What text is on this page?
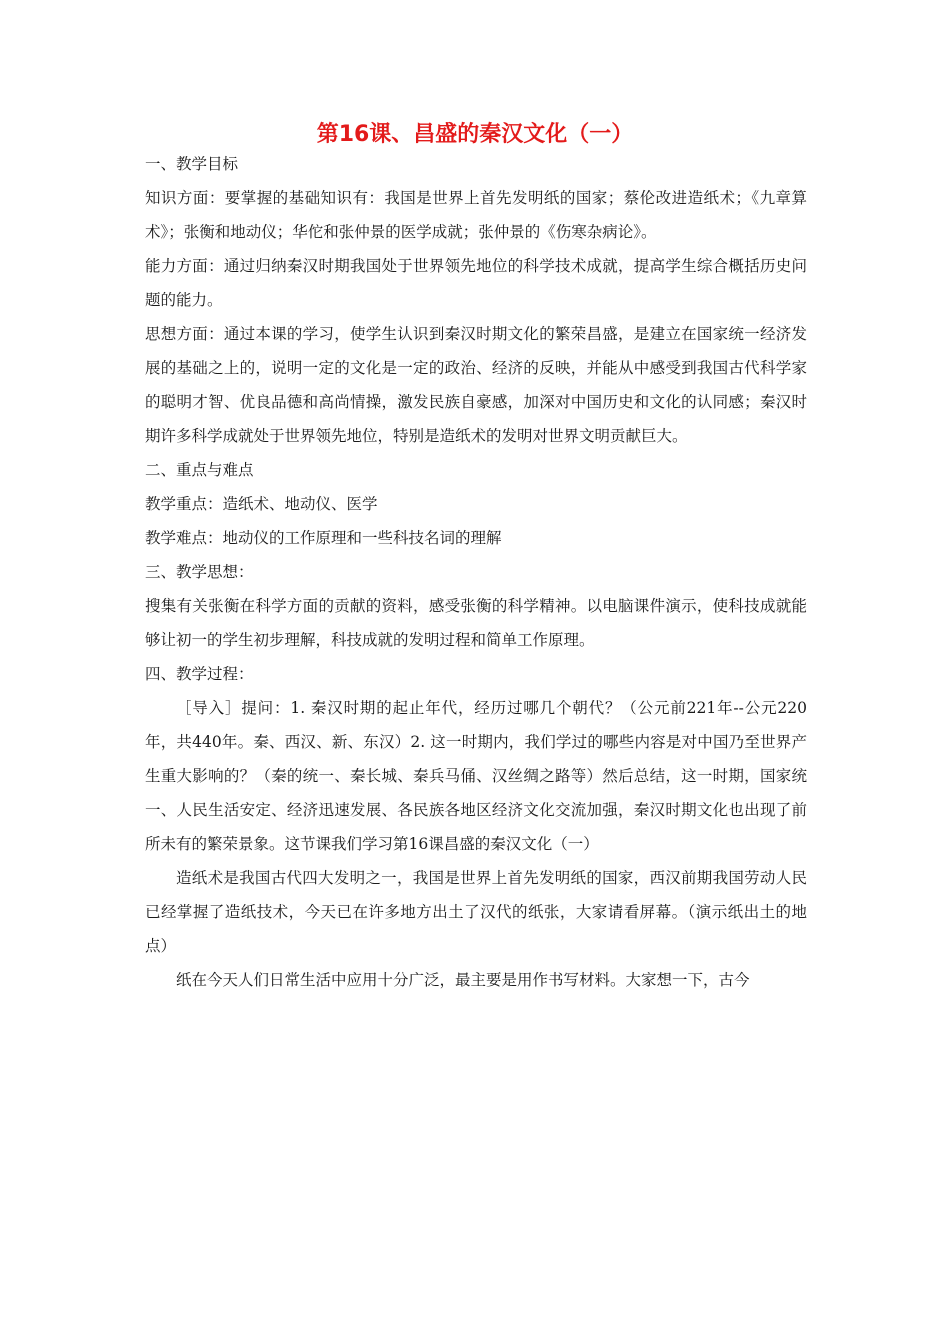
第16课、昌盛的秦汉文化（一）

一、教学目标

知识方面：要掌握的基础知识有：我国是世界上首先发明纸的国家；蔡伦改进造纸术；《九章算术》；张衡和地动仪；华佗和张仲景的医学成就；张仲景的《伤寒杂病论》。

能力方面：通过归纳秦汉时期我国处于世界领先地位的科学技术成就，提高学生综合概括历史问题的能力。

思想方面：通过本课的学习，使学生认识到秦汉时期文化的繁荣昌盛，是建立在国家统一经济发展的基础之上的，说明一定的文化是一定的政治、经济的反映，并能从中感受到我国古代科学家的聪明才智、优良品德和高尚情操，激发民族自豪感，加深对中国历史和文化的认同感；秦汉时期许多科学成就处于世界领先地位，特别是造纸术的发明对世界文明贡献巨大。

二、重点与难点

教学重点：造纸术、地动仪、医学

教学难点：地动仪的工作原理和一些科技名词的理解

三、教学思想：

搜集有关张衡在科学方面的贡献的资料，感受张衡的科学精神。以电脑课件演示，使科技成就能够让初一的学生初步理解，科技成就的发明过程和简单工作原理。

四、教学过程：

［导入］提问：1. 秦汉时期的起止年代，经历过哪几个朝代？（公元前221年--公元220年，共440年。秦、西汉、新、东汉）2. 这一时期内，我们学过的哪些内容是对中国乃至世界产生重大影响的？（秦的统一、秦长城、秦兵马俑、汉丝绸之路等）然后总结，这一时期，国家统一、人民生活安定、经济迅速发展、各民族各地区经济文化交流加强，秦汉时期文化也出现了前所未有的繁荣景象。这节课我们学习第16课昌盛的秦汉文化（一）

造纸术是我国古代四大发明之一，我国是世界上首先发明纸的国家，西汉前期我国劳动人民已经掌握了造纸技术，今天已在许多地方出土了汉代的纸张，大家请看屏幕。（演示纸出土的地点）

纸在今天人们日常生活中应用十分广泛，最主要是用作书写材料。大家想一下，古今
